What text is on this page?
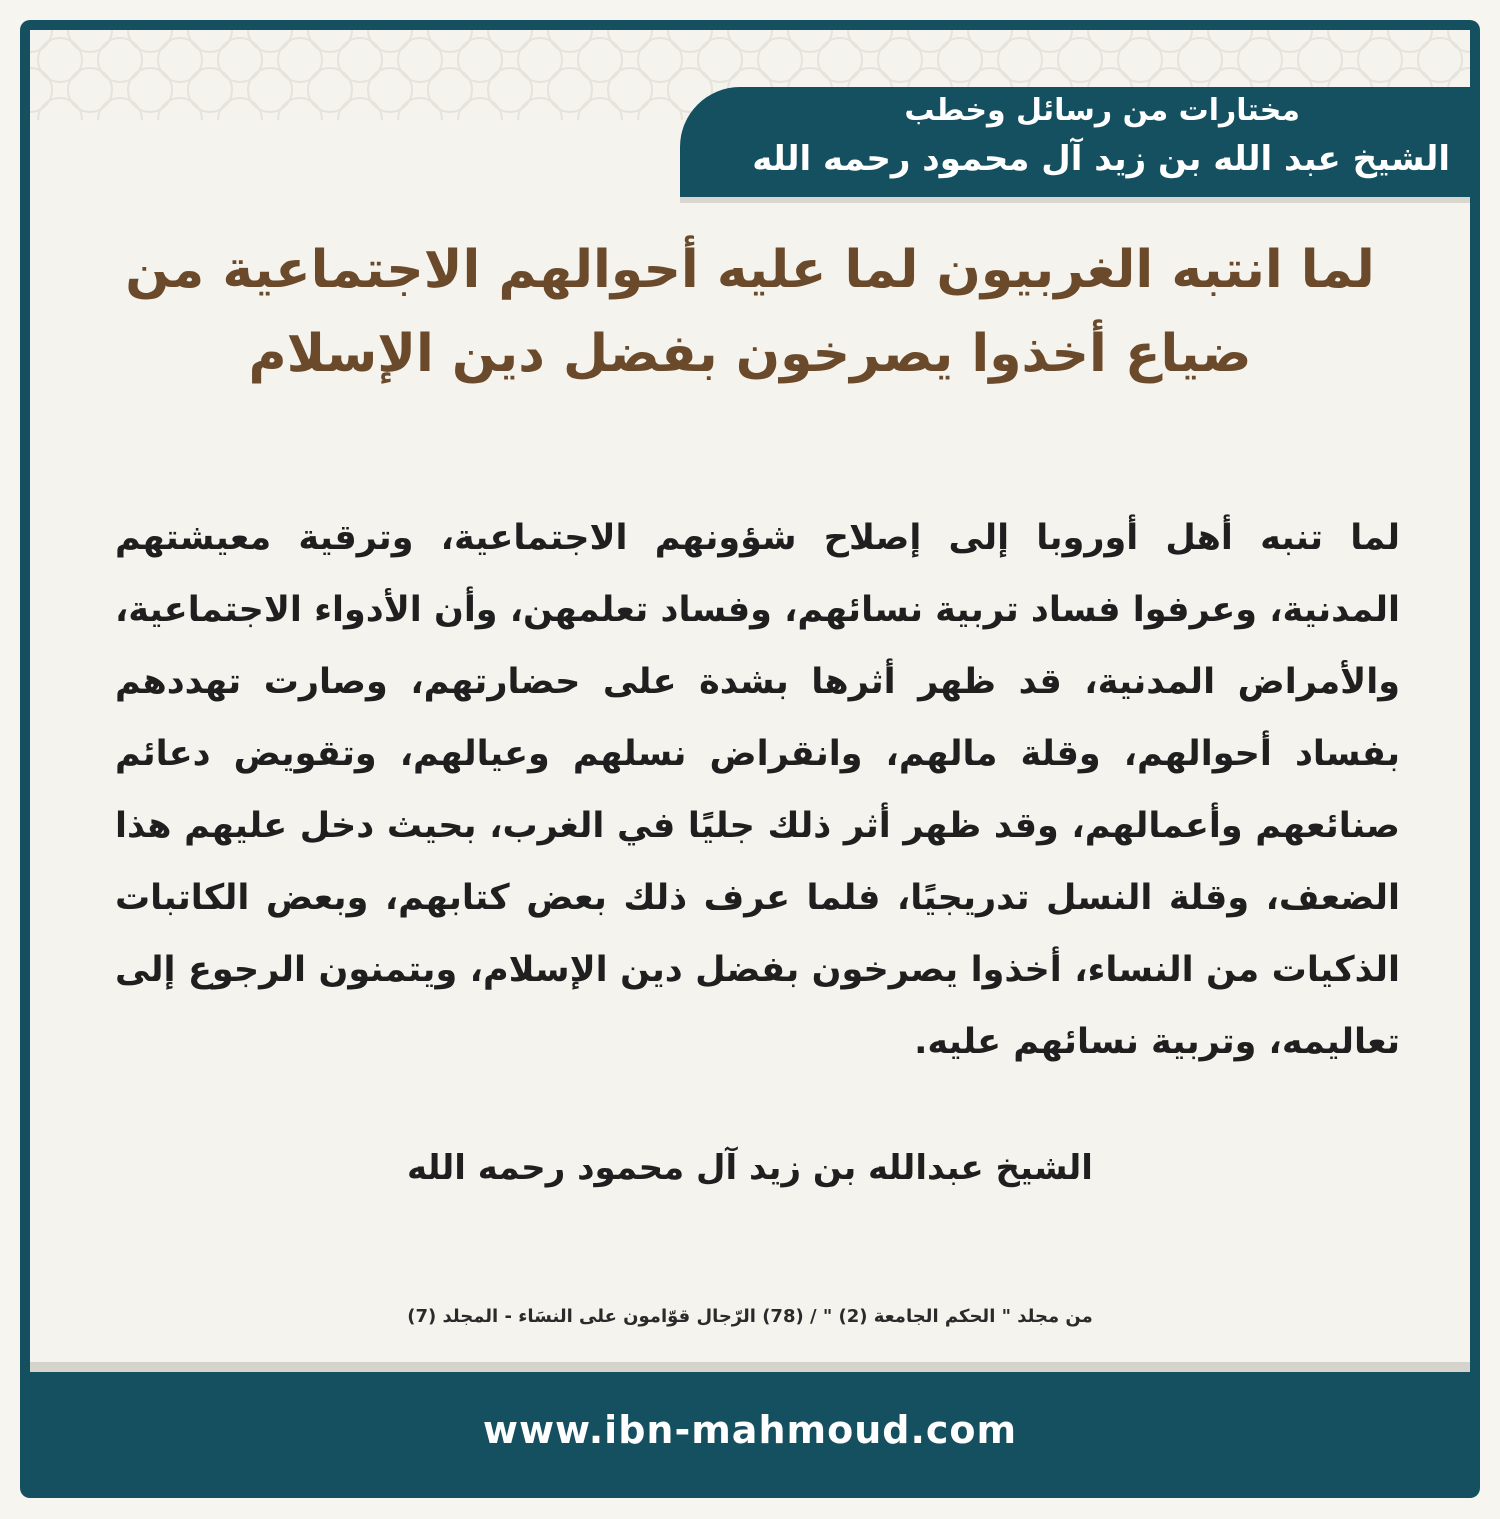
مختارات من رسائل وخطب
الشيخ عبد الله بن زيد آل محمود رحمه الله
لما انتبه الغربيون لما عليه أحوالهم الاجتماعية من ضياع أخذوا يصرخون بفضل دين الإسلام
لما تنبه أهل أوروبا إلى إصلاح شؤونهم الاجتماعية، وترقية معيشتهم المدنية، وعرفوا فساد تربية نسائهم، وفساد تعلمهن، وأن الأدواء الاجتماعية، والأمراض المدنية، قد ظهر أثرها بشدة على حضارتهم، وصارت تهددهم بفساد أحوالهم، وقلة مالهم، وانقراض نسلهم وعيالهم، وتقويض دعائم صنائعهم وأعمالهم، وقد ظهر أثر ذلك جليًا في الغرب، بحيث دخل عليهم هذا الضعف، وقلة النسل تدريجيًا، فلما عرف ذلك بعض كتابهم، وبعض الكاتبات الذكيات من النساء، أخذوا يصرخون بفضل دين الإسلام، ويتمنون الرجوع إلى تعاليمه، وتربية نسائهم عليه.
الشيخ عبدالله بن زيد آل محمود رحمه الله
من مجلد " الحكم الجامعة (2) " / (78) الرّجال قوّامون على النسَاء - المجلد (7)
www.ibn-mahmoud.com
